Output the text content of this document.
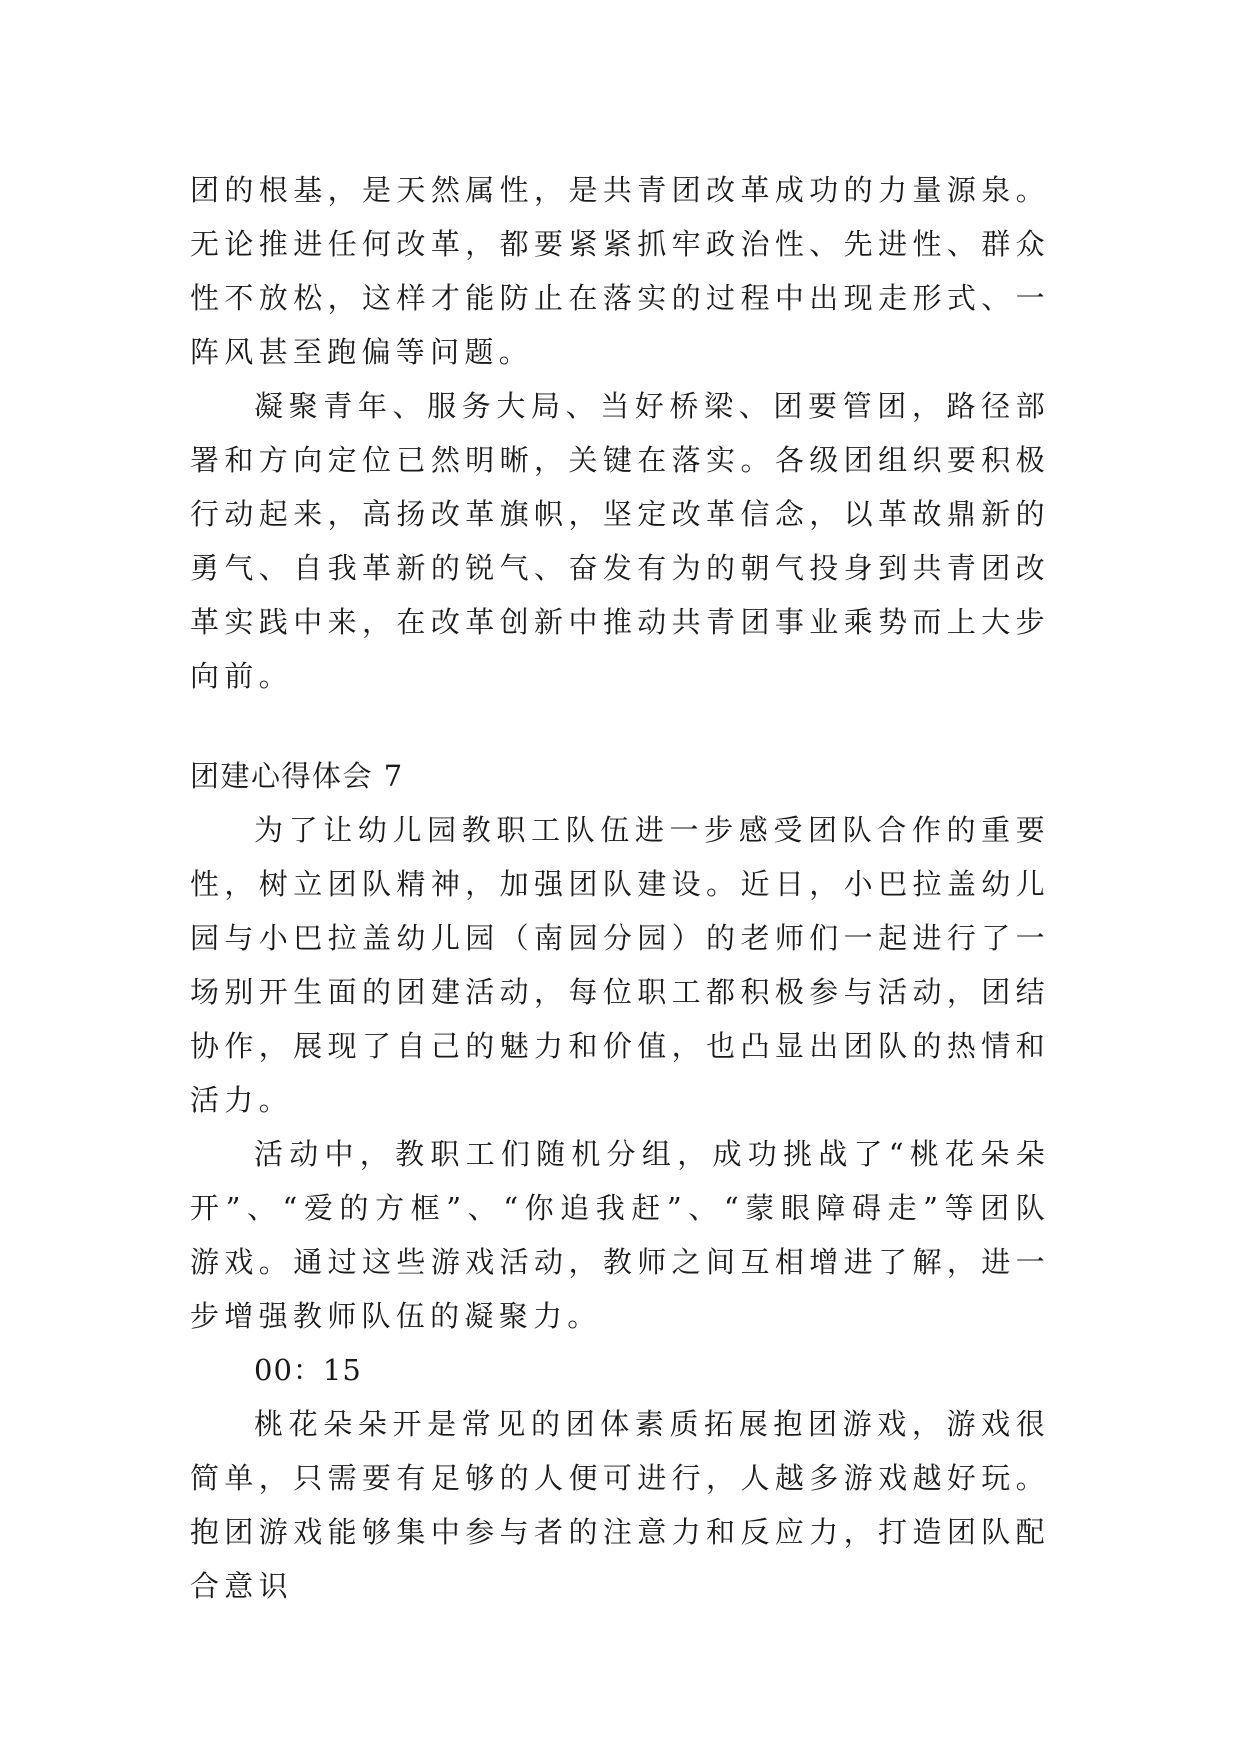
团的根基，是天然属性，是共青团改革成功的力量源泉。无论推进任何改革，都要紧紧抓牢政治性、先进性、群众性不放松，这样才能防止在落实的过程中出现走形式、一阵风甚至跑偏等问题。

凝聚青年、服务大局、当好桥梁、团要管团，路径部署和方向定位已然明晰，关键在落实。各级团组织要积极行动起来，高扬改革旗帜，坚定改革信念，以革故鼎新的勇气、自我革新的锐气、奋发有为的朝气投身到共青团改革实践中来，在改革创新中推动共青团事业乘势而上大步向前。

团建心得体会 7

为了让幼儿园教职工队伍进一步感受团队合作的重要性，树立团队精神，加强团队建设。近日，小巴拉盖幼儿园与小巴拉盖幼儿园（南园分园）的老师们一起进行了一场别开生面的团建活动，每位职工都积极参与活动，团结协作，展现了自己的魅力和价值，也凸显出团队的热情和活力。

活动中，教职工们随机分组，成功挑战了“桃花朵朵开”、“爱的方框”、“你追我赶”、“蒙眼障碍走”等团队游戏。通过这些游戏活动，教师之间互相增进了解，进一步增强教师队伍的凝聚力。

00：15

桃花朵朵开是常见的团体素质拓展抱团游戏，游戏很简单，只需要有足够的人便可进行，人越多游戏越好玩。抱团游戏能够集中参与者的注意力和反应力，打造团队配合意识
